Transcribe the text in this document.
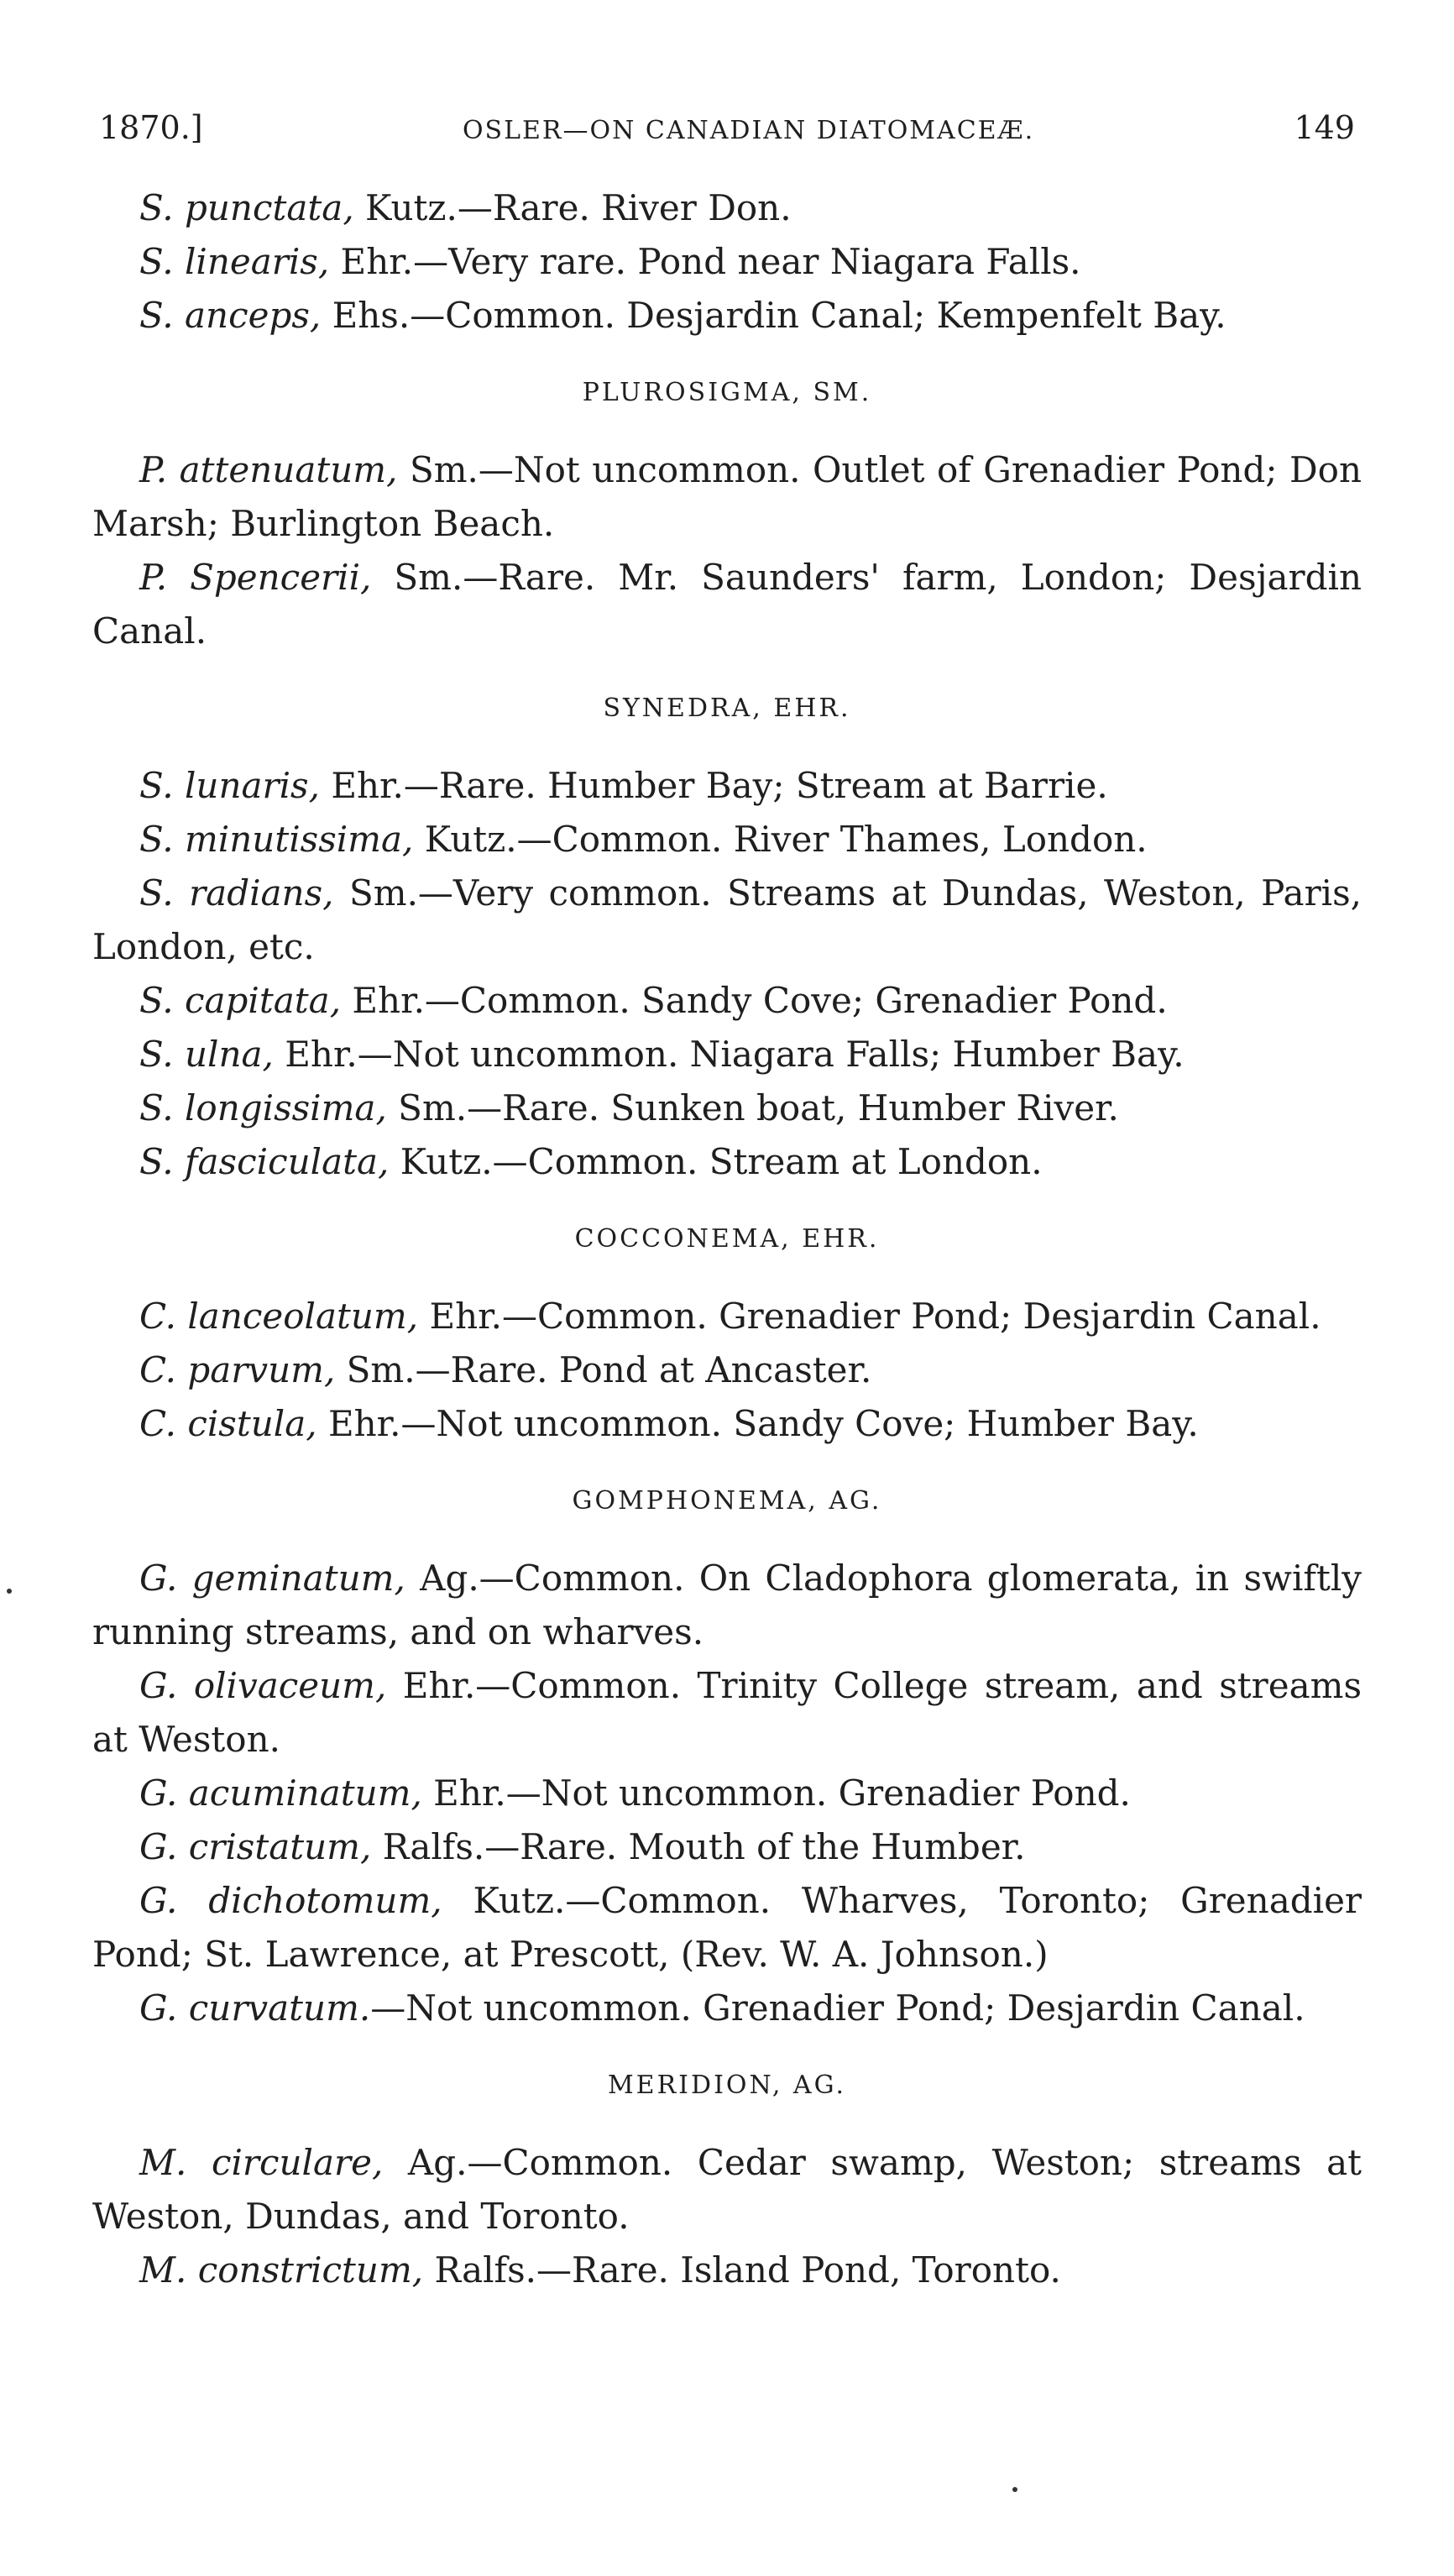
1870.]	OSLER—ON CANADIAN DIATOMACEÆ.	149

S. punctata, Kutz.—Rare. River Don.

S. linearis, Ehr.—Very rare. Pond near Niagara Falls.

S. anceps, Ehs.—Common. Desjardin Canal; Kempenfelt Bay.

PLUROSIGMA, SM.

P. attenuatum, Sm.—Not uncommon. Outlet of Grenadier Pond; Don Marsh; Burlington Beach.

P. Spencerii, Sm.—Rare. Mr. Saunders' farm, London; Desjardin Canal.

SYNEDRA, EHR.

S. lunaris, Ehr.—Rare. Humber Bay; Stream at Barrie.

S. minutissima, Kutz.—Common. River Thames, London.

S. radians, Sm.—Very common. Streams at Dundas, Weston, Paris, London, etc.

S. capitata, Ehr.—Common. Sandy Cove; Grenadier Pond.

S. ulna, Ehr.—Not uncommon. Niagara Falls; Humber Bay.

S. longissima, Sm.—Rare. Sunken boat, Humber River.

S. fasciculata, Kutz.—Common. Stream at London.

COCCONEMA, EHR.

C. lanceolatum, Ehr.—Common. Grenadier Pond; Desjardin Canal.

C. parvum, Sm.—Rare. Pond at Ancaster.

C. cistula, Ehr.—Not uncommon. Sandy Cove; Humber Bay.

GOMPHONEMA, AG.

G. geminatum, Ag.—Common. On Cladophora glomerata, in swiftly running streams, and on wharves.

G. olivaceum, Ehr.—Common. Trinity College stream, and streams at Weston.

G. acuminatum, Ehr.—Not uncommon. Grenadier Pond.

G. cristatum, Ralfs.—Rare. Mouth of the Humber.

G. dichotomum, Kutz.—Common. Wharves, Toronto; Grenadier Pond; St. Lawrence, at Prescott, (Rev. W. A. Johnson.)

G. curvatum.—Not uncommon. Grenadier Pond; Desjardin Canal.

MERIDION, AG.

M. circulare, Ag.—Common. Cedar swamp, Weston; streams at Weston, Dundas, and Toronto.

M. constrictum, Ralfs.—Rare. Island Pond, Toronto.
